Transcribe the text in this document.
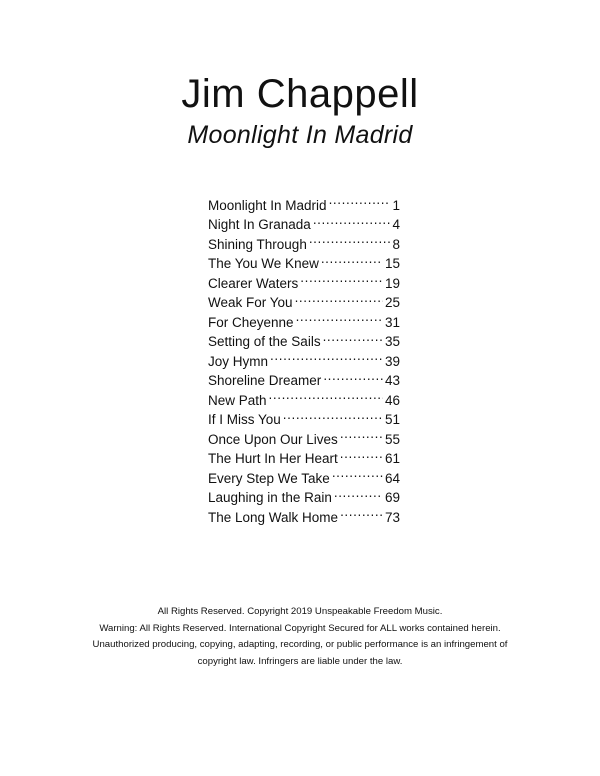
Jim Chappell
Moonlight In Madrid
Moonlight In Madrid .....	1
Night In Granada .....	4
Shining Through .....	8
The You We Knew .....	15
Clearer Waters .....	19
Weak For You .....	25
For Cheyenne .....	31
Setting of the Sails .....	35
Joy Hymn .....	39
Shoreline Dreamer .....	43
New Path .....	46
If I Miss You .....	51
Once Upon Our Lives .....	55
The Hurt In Her Heart .....	61
Every Step We Take .....	64
Laughing in the Rain .....	69
The Long Walk Home .....	73
All Rights Reserved. Copyright 2019 Unspeakable Freedom Music.
Warning: All Rights Reserved. International Copyright Secured for ALL works contained herein.
Unauthorized producing, copying, adapting, recording, or public performance is an infringement of
copyright law. Infringers are liable under the law.
